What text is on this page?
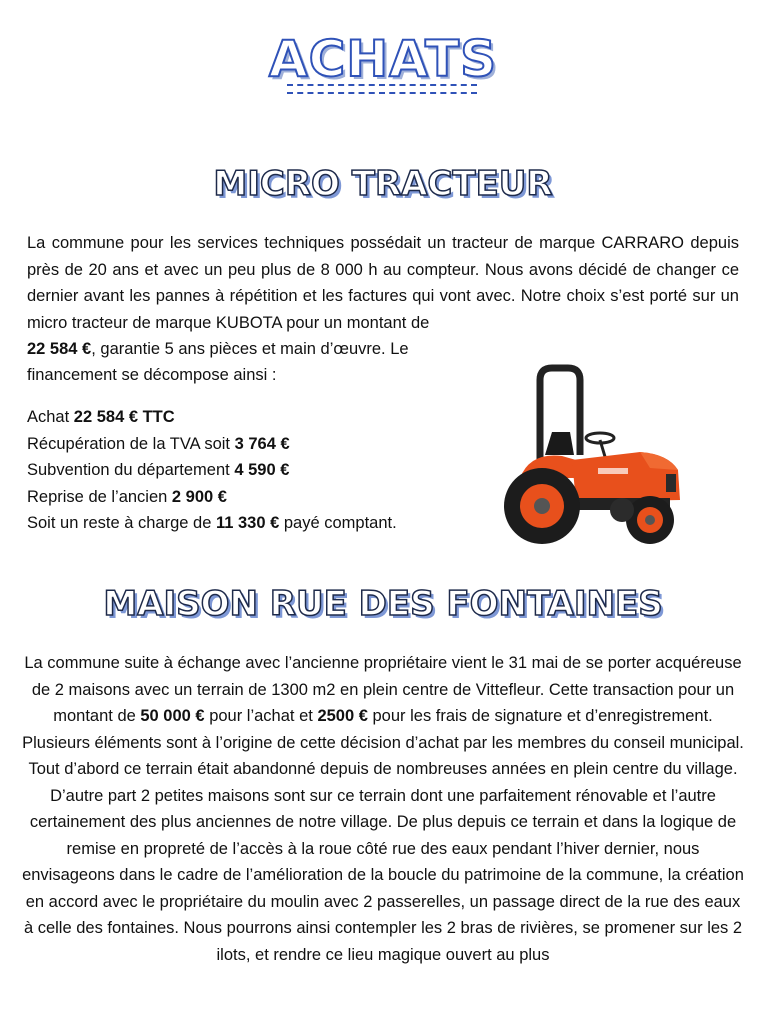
ACHATS
MICRO TRACTEUR

La commune pour les services techniques possédait un tracteur de marque CARRARO depuis près de 20 ans et avec un peu plus de 8 000 h au compteur. Nous avons décidé de changer ce dernier avant les pannes à répétition et les factures qui vont avec. Notre choix s’est porté sur un micro tracteur de marque KUBOTA pour un montant de

22 584 €, garantie 5 ans pièces et main d’œuvre. Le

financement se décompose ainsi :

Achat 22 584 € TTC
Récupération de la TVA soit 3 764 €
Subvention du département 4 590 €
Reprise de l’ancien 2 900 €
Soit un reste à charge de 11 330 € payé comptant.
MAISON RUE DES FONTAINES

La commune suite à échange avec l’ancienne propriétaire vient le 31 mai de se porter acquéreuse de 2 maisons avec un terrain de 1300 m2 en plein centre de Vittefleur. Cette transaction pour un montant de 50 000 € pour l’achat et 2500 € pour les frais de signature et d’enregistrement. Plusieurs éléments sont à l’origine de cette décision d’achat par les membres du conseil municipal. Tout d’abord ce terrain était abandonné depuis de nombreuses années en plein centre du village. D’autre part 2 petites maisons sont sur ce terrain dont une parfaitement rénovable et l’autre certainement des plus anciennes de notre village. De plus depuis ce terrain et dans la logique de remise en propreté de l’accès à la roue côté rue des eaux pendant l’hiver dernier, nous envisageons dans le cadre de l’amélioration de la boucle du patrimoine de la commune, la création en accord avec le propriétaire du moulin avec 2 passerelles, un passage direct de la rue des eaux à celle des fontaines. Nous pourrons ainsi contempler les 2 bras de rivières, se promener sur les 2 ilots, et rendre ce lieu magique ouvert au plus
